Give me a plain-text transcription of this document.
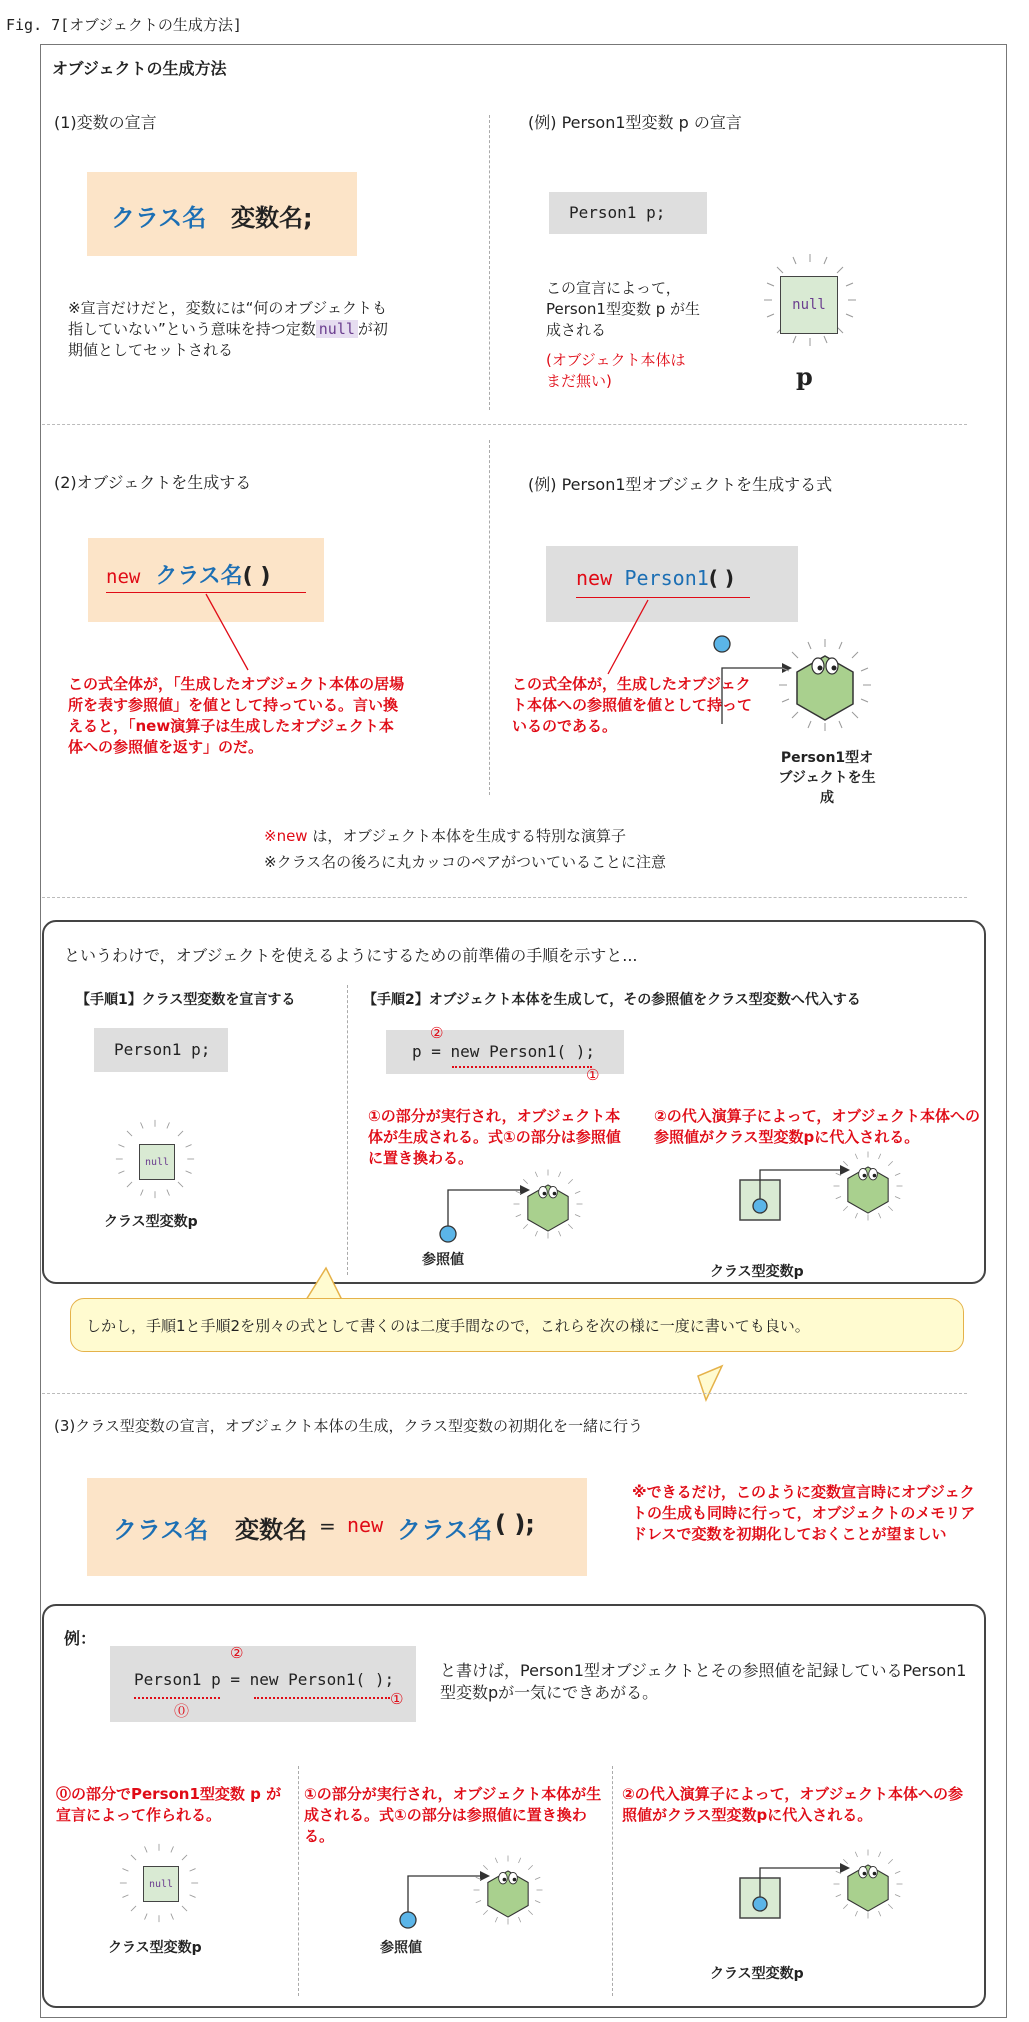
Fig. 7[オブジェクトの生成方法]
オブジェクトの生成方法
(1)変数の宣言
クラス名 変数名;
※宣言だけだと，変数には“何のオブジェクトも指していない”という意味を持つ定数 null が初期値としてセットされる
(例) Person1型変数 p の宣言
Person1 p;
この宣言によって，Person1型変数 p が生成される
(オブジェクト本体はまだ無い)
null
p
(2)オブジェクトを生成する
new クラス名( )
この式全体が，「生成したオブジェクト本体の居場所を表す参照値」を値として持っている。言い換えると，「new演算子は生成したオブジェクト本体への参照値を返す」のだ。
(例) Person1型オブジェクトを生成する式
new Person1( )
この式全体が，生成したオブジェクト本体への参照値を値として持っているのである。
Person1型オブジェクトを生成
※new は，オブジェクト本体を生成する特別な演算子
※クラス名の後ろに丸カッコのペアがついていることに注意
というわけで，オブジェクトを使えるようにするための前準備の手順を示すと...
【手順1】クラス型変数を宣言する
Person1 p;
null
クラス型変数p
【手順2】オブジェクト本体を生成して，その参照値をクラス型変数へ代入する
p = new Person1( );
②
①
①の部分が実行され，オブジェクト本体が生成される。式①の部分は参照値に置き換わる。
②の代入演算子によって，オブジェクト本体への参照値がクラス型変数pに代入される。
参照値
クラス型変数p
しかし，手順1と手順2を別々の式として書くのは二度手間なので，これらを次の様に一度に書いても良い。
(3)クラス型変数の宣言，オブジェクト本体の生成，クラス型変数の初期化を一緒に行う
クラス名 変数名 = new クラス名 ( );
※できるだけ，このように変数宣言時にオブジェクトの生成も同時に行って，オブジェクトのメモリアドレスで変数を初期化しておくことが望ましい
例：
Person1 p = new Person1( );
②
⓪
①
と書けば，Person1型オブジェクトとその参照値を記録しているPerson1型変数pが一気にできあがる。
⓪の部分でPerson1型変数 p が宣言によって作られる。
null
クラス型変数p
①の部分が実行され，オブジェクト本体が生成される。式①の部分は参照値に置き換わる。
参照値
②の代入演算子によって，オブジェクト本体への参照値がクラス型変数pに代入される。
クラス型変数p
